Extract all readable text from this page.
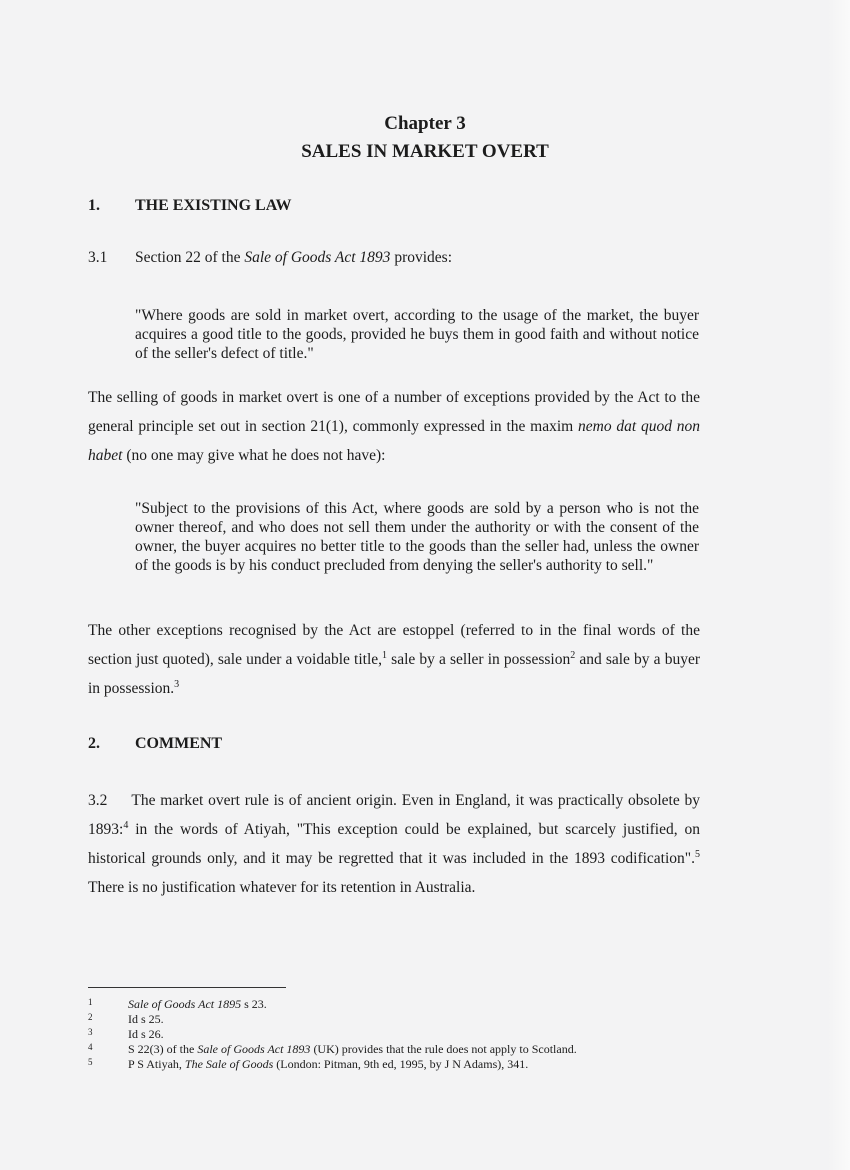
Chapter 3
SALES IN MARKET OVERT
1. THE EXISTING LAW
3.1 Section 22 of the Sale of Goods Act 1893 provides:
"Where goods are sold in market overt, according to the usage of the market, the buyer acquires a good title to the goods, provided he buys them in good faith and without notice of the seller's defect of title."
The selling of goods in market overt is one of a number of exceptions provided by the Act to the general principle set out in section 21(1), commonly expressed in the maxim nemo dat quod non habet (no one may give what he does not have):
"Subject to the provisions of this Act, where goods are sold by a person who is not the owner thereof, and who does not sell them under the authority or with the consent of the owner, the buyer acquires no better title to the goods than the seller had, unless the owner of the goods is by his conduct precluded from denying the seller's authority to sell."
The other exceptions recognised by the Act are estoppel (referred to in the final words of the section just quoted), sale under a voidable title,$^1$ sale by a seller in possession$^2$ and sale by a buyer in possession.$^3$
2. COMMENT
3.2 The market overt rule is of ancient origin. Even in England, it was practically obsolete by 1893:$^4$ in the words of Atiyah, "This exception could be explained, but scarcely justified, on historical grounds only, and it may be regretted that it was included in the 1893 codification".$^5$ There is no justification whatever for its retention in Australia.
1	Sale of Goods Act 1895 s 23.
2	Id s 25.
3	Id s 26.
4	S 22(3) of the Sale of Goods Act 1893 (UK) provides that the rule does not apply to Scotland.
5	P S Atiyah, The Sale of Goods (London: Pitman, 9th ed, 1995, by J N Adams), 341.
